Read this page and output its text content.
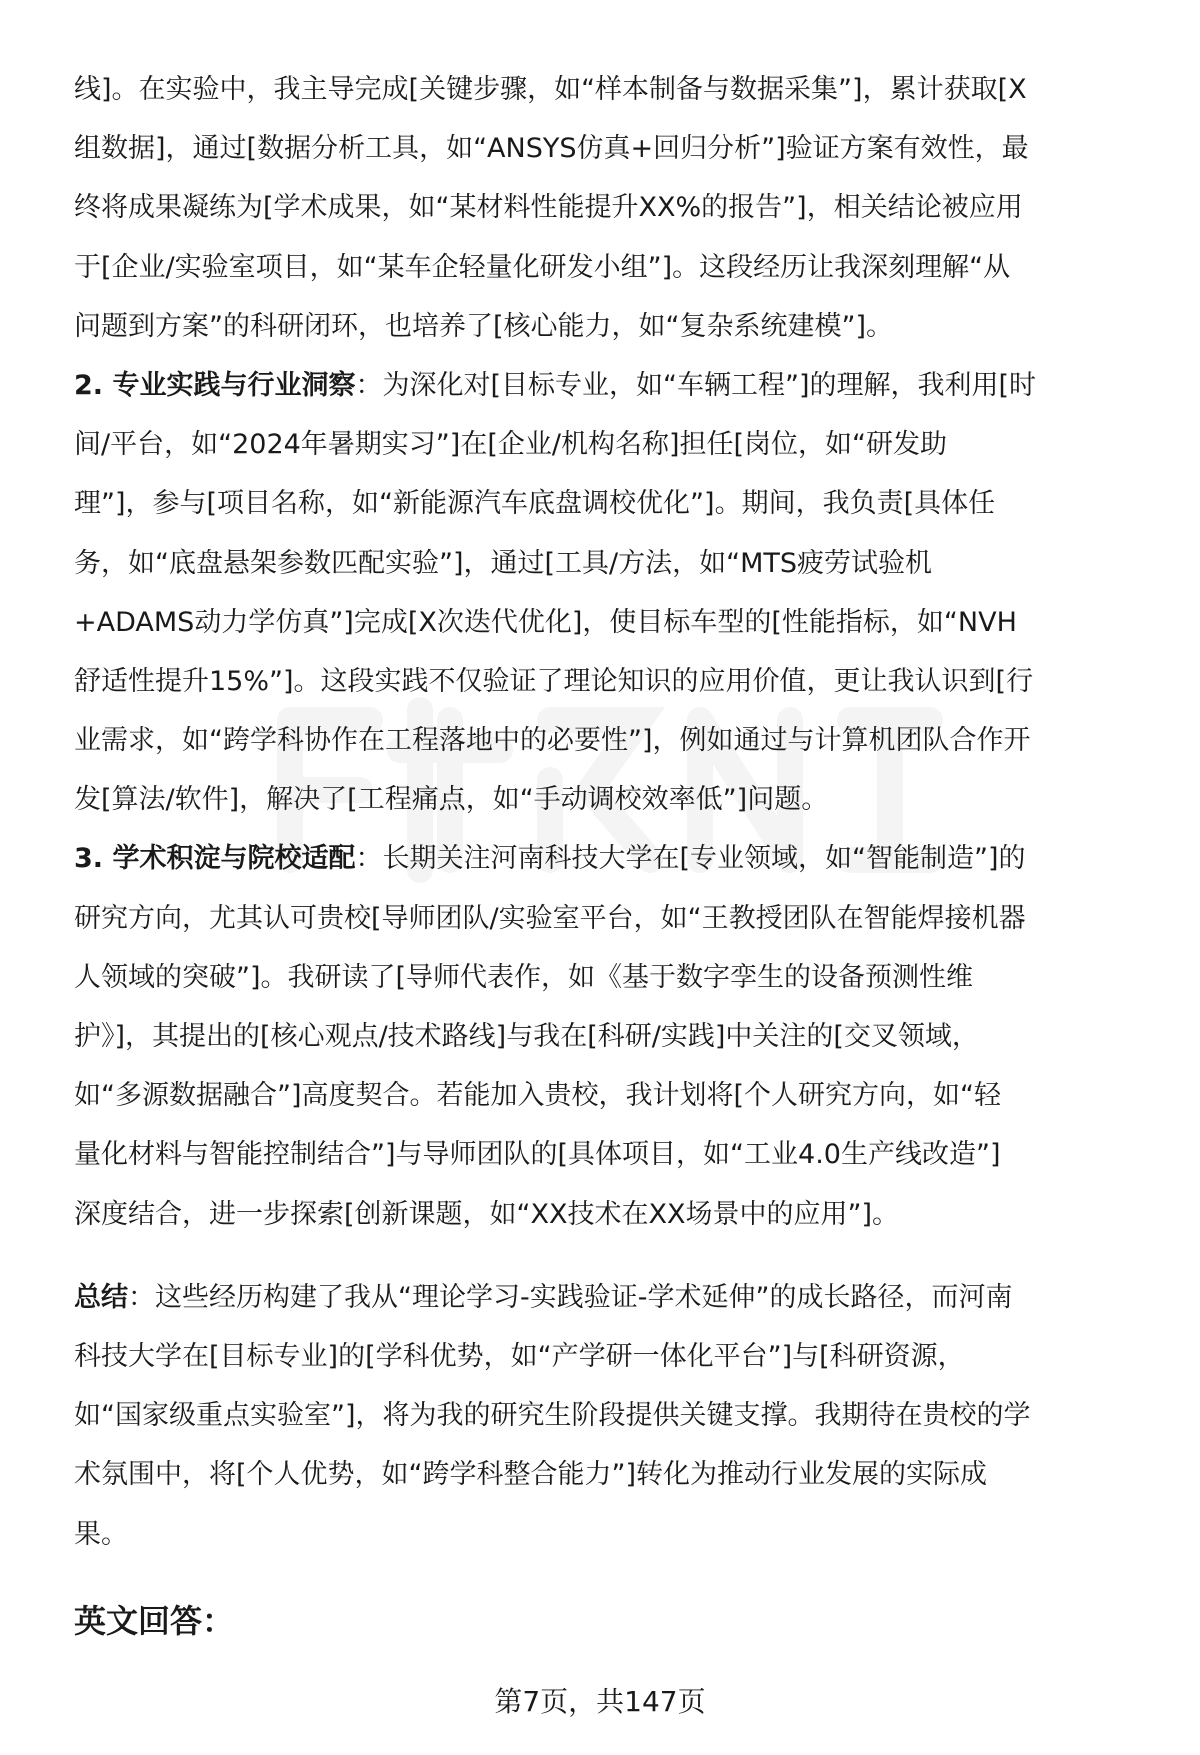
线]。在实验中，我主导完成[关键步骤，如“样本制备与数据采集”]，累计获取[X
组数据]，通过[数据分析工具，如“ANSYS仿真+回归分析”]验证方案有效性，最
终将成果凝练为[学术成果，如“某材料性能提升XX%的报告”]，相关结论被应用
于[企业/实验室项目，如“某车企轻量化研发小组”]。这段经历让我深刻理解“从
问题到方案”的科研闭环，也培养了[核心能力，如“复杂系统建模”]。
2. 专业实践与行业洞察：为深化对[目标专业，如“车辆工程”]的理解，我利用[时
间/平台，如“2024年暑期实习”]在[企业/机构名称]担任[岗位，如“研发助
理”]，参与[项目名称，如“新能源汽车底盘调校优化”]。期间，我负责[具体任
务，如“底盘悬架参数匹配实验”]，通过[工具/方法，如“MTS疲劳试验机
+ADAMS动力学仿真”]完成[X次迭代优化]，使目标车型的[性能指标，如“NVH
舒适性提升15%”]。这段实践不仅验证了理论知识的应用价值，更让我认识到[行
业需求，如“跨学科协作在工程落地中的必要性”]，例如通过与计算机团队合作开
发[算法/软件]，解决了[工程痛点，如“手动调校效率低”]问题。
3. 学术积淀与院校适配：长期关注河南科技大学在[专业领域，如“智能制造”]的
研究方向，尤其认可贵校[导师团队/实验室平台，如“王教授团队在智能焊接机器
人领域的突破”]。我研读了[导师代表作，如《基于数字孪生的设备预测性维
护》]，其提出的[核心观点/技术路线]与我在[科研/实践]中关注的[交叉领域，
如“多源数据融合”]高度契合。若能加入贵校，我计划将[个人研究方向，如“轻
量化材料与智能控制结合”]与导师团队的[具体项目，如“工业4.0生产线改造”]
深度结合，进一步探索[创新课题，如“XX技术在XX场景中的应用”]。
总结：这些经历构建了我从“理论学习-实践验证-学术延伸”的成长路径，而河南
科技大学在[目标专业]的[学科优势，如“产学研一体化平台”]与[科研资源，
如“国家级重点实验室”]，将为我的研究生阶段提供关键支撑。我期待在贵校的学
术氛围中，将[个人优势，如“跨学科整合能力”]转化为推动行业发展的实际成
果。
英文回答：
第7页，共147页
